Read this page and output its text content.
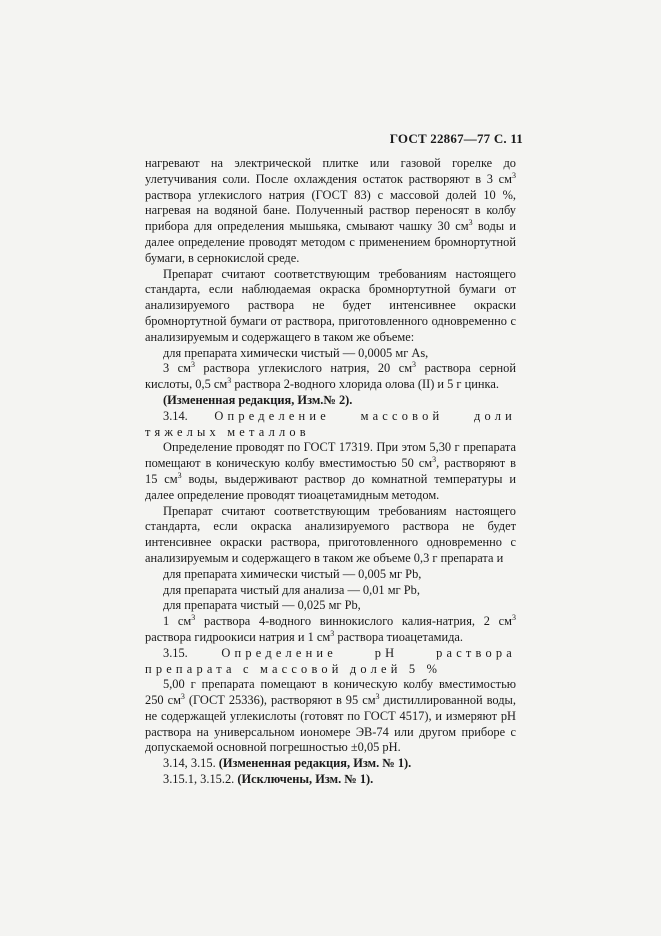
ГОСТ 22867—77 С. 11

нагревают на электрической плитке или газовой горелке до улетучивания соли. После охлаждения остаток растворяют в 3 $см^3$ раствора углекислого натрия (ГОСТ 83) с массовой долей 10 %, нагревая на водяной бане. Полученный раствор переносят в колбу прибора для определения мышьяка, смывают чашку 30 $см^3$ воды и далее определение проводят методом с применением бромнортутной бумаги, в сернокислой среде.

Препарат считают соответствующим требованиям настоящего стандарта, если наблюдаемая окраска бромнортутной бумаги от анализируемого раствора не будет интенсивнее окраски бромнортутной бумаги от раствора, приготовленного одновременно с анализируемым и содержащего в таком же объеме:

для препарата химически чистый — 0,0005 мг As,

3 $см^3$ раствора углекислого натрия, 20 $см^3$ раствора серной кислоты, 0,5 $см^3$ раствора 2-водного хлорида олова (II) и 5 г цинка.

(Измененная редакция, Изм.№ 2).

3.14. Определение массовой доли тяжелых металлов

Определение проводят по ГОСТ 17319. При этом 5,30 г препарата помещают в коническую колбу вместимостью 50 $см^3$, растворяют в 15 $см^3$ воды, выдерживают раствор до комнатной температуры и далее определение проводят тиоацетамидным методом.

Препарат считают соответствующим требованиям настоящего стандарта, если окраска анализируемого раствора не будет интенсивнее окраски раствора, приготовленного одновременно с анализируемым и содержащего в таком же объеме 0,3 г препарата и

для препарата химически чистый — 0,005 мг Pb,

для препарата чистый для анализа — 0,01 мг Pb,

для препарата чистый — 0,025 мг Pb,

1 $см^3$ раствора 4-водного виннокислого калия-натрия, 2 $см^3$ раствора гидроокиси натрия и 1 $см^3$ раствора тиоацетамида.

3.15.	Определение pH раствора препарата с массовой долей 5 %

5,00 г препарата помещают в коническую колбу вместимостью 250 $см^3$ (ГОСТ 25336), растворяют в 95 $см^3$ дистиллированной воды, не содержащей углекислоты (готовят по ГОСТ 4517), и измеряют pH раствора на универсальном иономере ЭВ-74 или другом приборе с допускаемой основной погрешностью ±0,05 pH.

3.14, 3.15. (Измененная редакция, Изм. № 1).

3.15.1, 3.15.2. (Исключены, Изм. № 1).
